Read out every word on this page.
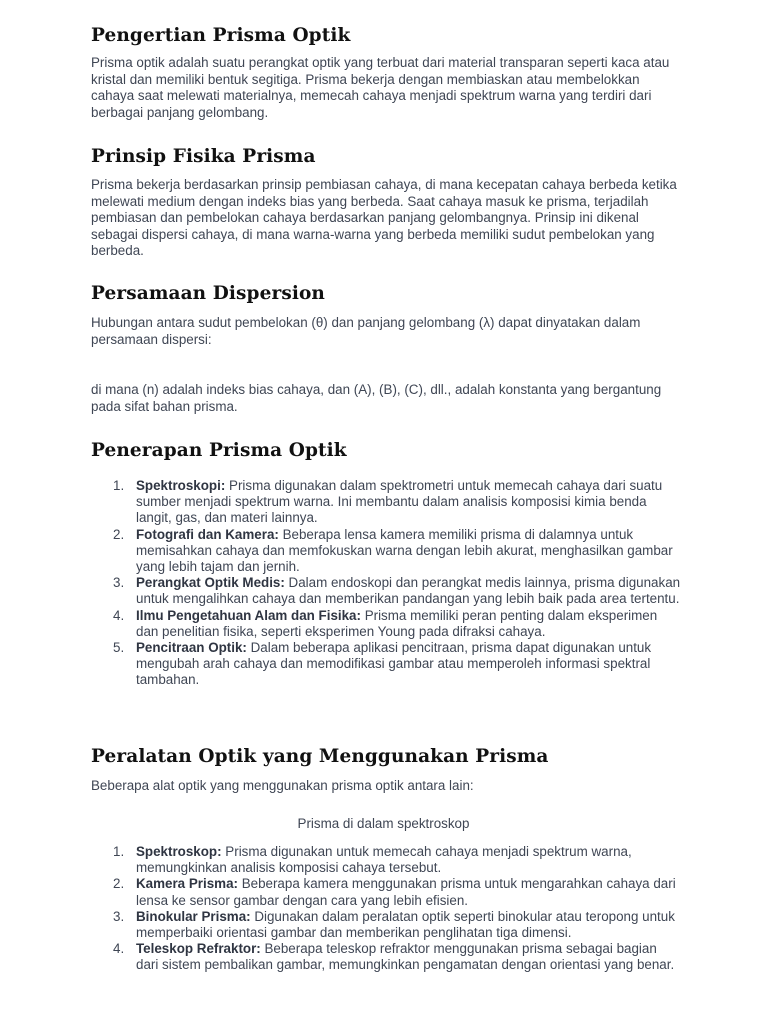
Pengertian Prisma Optik

Prisma optik adalah suatu perangkat optik yang terbuat dari material transparan seperti kaca atau kristal dan memiliki bentuk segitiga. Prisma bekerja dengan membiaskan atau membelokkan cahaya saat melewati materialnya, memecah cahaya menjadi spektrum warna yang terdiri dari berbagai panjang gelombang.

Prinsip Fisika Prisma

Prisma bekerja berdasarkan prinsip pembiasan cahaya, di mana kecepatan cahaya berbeda ketika melewati medium dengan indeks bias yang berbeda. Saat cahaya masuk ke prisma, terjadilah pembiasan dan pembelokan cahaya berdasarkan panjang gelombangnya. Prinsip ini dikenal sebagai dispersi cahaya, di mana warna-warna yang berbeda memiliki sudut pembelokan yang berbeda.

Persamaan Dispersion

Hubungan antara sudut pembelokan (θ) dan panjang gelombang (λ) dapat dinyatakan dalam persamaan dispersi:

di mana (n) adalah indeks bias cahaya, dan (A), (B), (C), dll., adalah konstanta yang bergantung pada sifat bahan prisma.

Penerapan Prisma Optik
1. Spektroskopi: Prisma digunakan dalam spektrometri untuk memecah cahaya dari suatu sumber menjadi spektrum warna. Ini membantu dalam analisis komposisi kimia benda langit, gas, dan materi lainnya.
2. Fotografi dan Kamera: Beberapa lensa kamera memiliki prisma di dalamnya untuk memisahkan cahaya dan memfokuskan warna dengan lebih akurat, menghasilkan gambar yang lebih tajam dan jernih.
3. Perangkat Optik Medis: Dalam endoskopi dan perangkat medis lainnya, prisma digunakan untuk mengalihkan cahaya dan memberikan pandangan yang lebih baik pada area tertentu.
4. Ilmu Pengetahuan Alam dan Fisika: Prisma memiliki peran penting dalam eksperimen dan penelitian fisika, seperti eksperimen Young pada difraksi cahaya.
5. Pencitraan Optik: Dalam beberapa aplikasi pencitraan, prisma dapat digunakan untuk mengubah arah cahaya dan memodifikasi gambar atau memperoleh informasi spektral tambahan.
Peralatan Optik yang Menggunakan Prisma

Beberapa alat optik yang menggunakan prisma optik antara lain:

Prisma di dalam spektroskop

1. Spektroskop: Prisma digunakan untuk memecah cahaya menjadi spektrum warna, memungkinkan analisis komposisi cahaya tersebut.
2. Kamera Prisma: Beberapa kamera menggunakan prisma untuk mengarahkan cahaya dari lensa ke sensor gambar dengan cara yang lebih efisien.
3. Binokular Prisma: Digunakan dalam peralatan optik seperti binokular atau teropong untuk memperbaiki orientasi gambar dan memberikan penglihatan tiga dimensi.
4. Teleskop Refraktor: Beberapa teleskop refraktor menggunakan prisma sebagai bagian dari sistem pembalikan gambar, memungkinkan pengamatan dengan orientasi yang benar.
